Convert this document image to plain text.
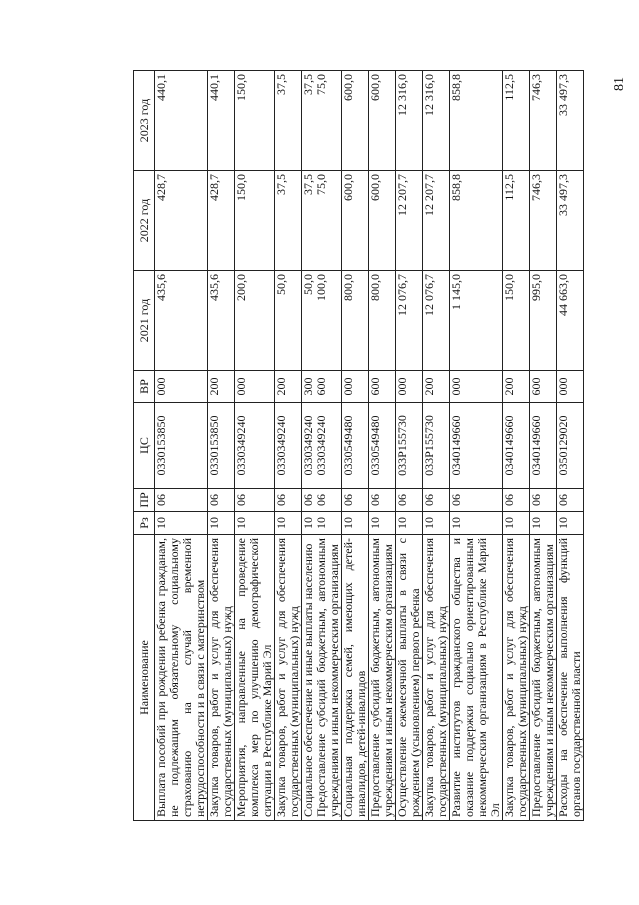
81
Наименование	Рз	ПР	ЦС	ВР	2021 год	2022 год	2023 год
Выплата пособий при рождении ребенка гражданам, не подлежащим обязательному социальному страхованию на случай временной нетрудоспособности и в связи с материнством	10	06	0330153850	000	435,6	428,7	440,1
Закупка товаров, работ и услуг для обеспечения государственных (муниципальных) нужд	10	06	0330153850	200	435,6	428,7	440,1
Мероприятия, направленные на проведение комплекса мер по улучшению демографической ситуации в Республике Марий Эл	10	06	0330349240	000	200,0	150,0	150,0
Закупка товаров, работ и услуг для обеспечения государственных (муниципальных) нужд	10	06	0330349240	200	50,0	37,5	37,5

Социальное обеспечение и иные выплаты населению Предоставление субсидий бюджетным, автономным учреждениям и иным некоммерческим организациям	10 10	06 06	0330349240 0330349240	300 600	50,0 100,0	37,5 75,0	37,5 75,0

Социальная поддержка семей, имеющих детей-инвалидов, детей-инвалидов	10	06	0330549480	000	800,0	600,0	600,0
Предоставление субсидий бюджетным, автономным учреждениям и иным некоммерческим организациям	10	06	0330549480	600	800,0	600,0	600,0
Осуществление ежемесячной выплаты в связи с рождением (усыновлением) первого ребенка	10	06	033P155730	000	12 076,7	12 207,7	12 316,0
Закупка товаров, работ и услуг для обеспечения государственных (муниципальных) нужд	10	06	033P155730	200	12 076,7	12 207,7	12 316,0
Развитие институтов гражданского общества и оказание поддержки социально ориентированным некоммерческим организациям в Республике Марий Эл	10	06	0340149660	000	1 145,0	858,8	858,8
Закупка товаров, работ и услуг для обеспечения государственных (муниципальных) нужд	10	06	0340149660	200	150,0	112,5	112,5
Предоставление субсидий бюджетным, автономным учреждениям и иным некоммерческим организациям	10	06	0340149660	600	995,0	746,3	746,3
Расходы на обеспечение выполнения функций органов государственной власти	10	06	0350129020	000	44 663,0	33 497,3	33 497,3
